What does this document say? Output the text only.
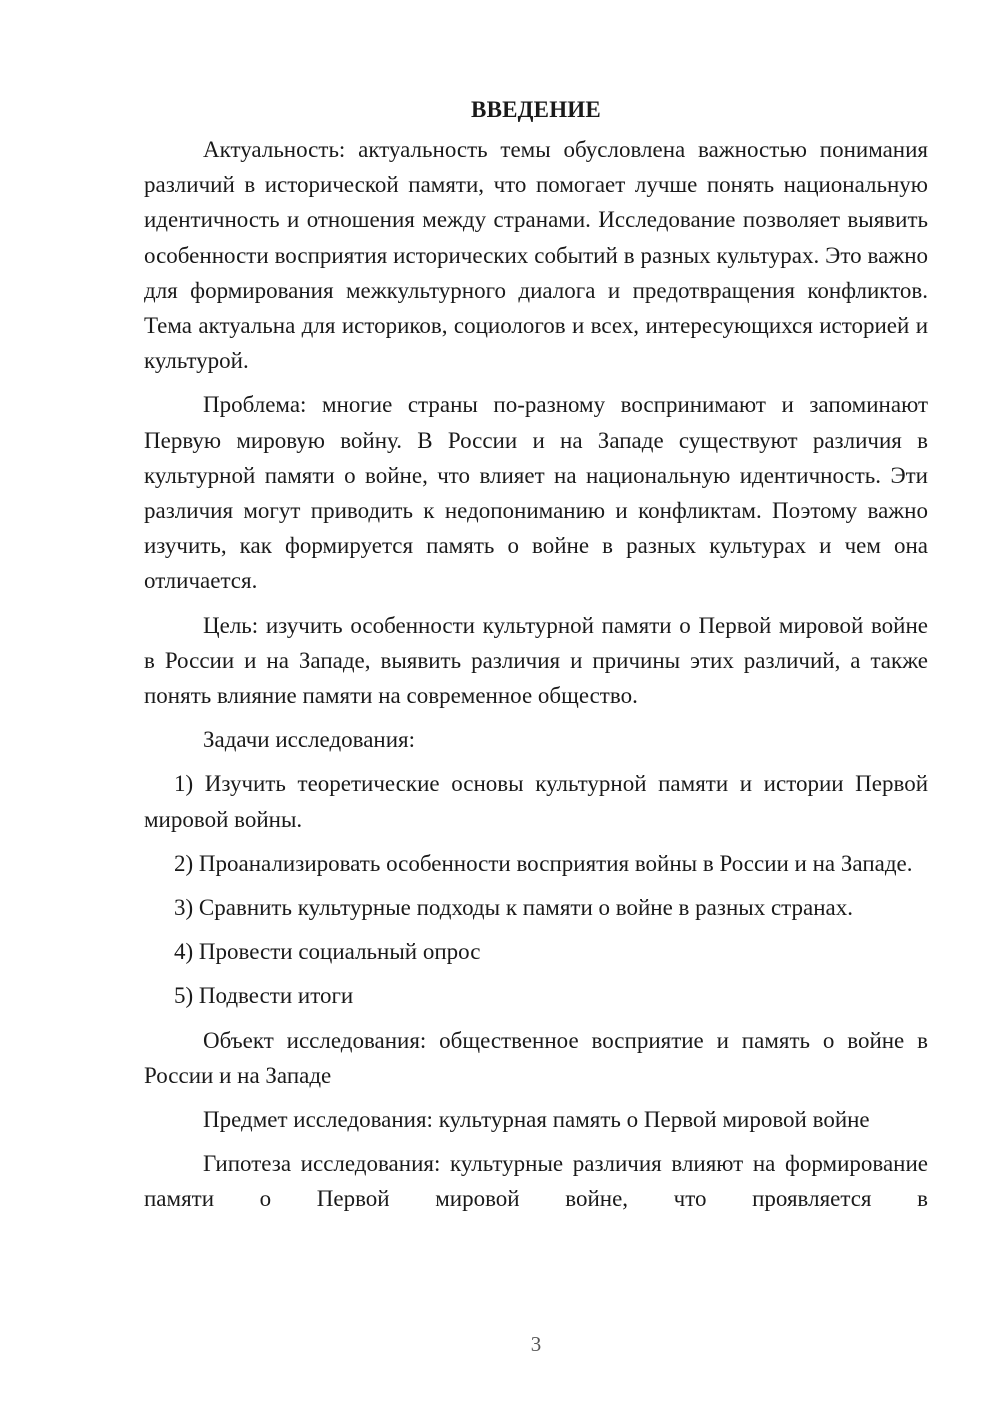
ВВЕДЕНИЕ

Актуальность: актуальность темы обусловлена важностью понимания различий в исторической памяти, что помогает лучше понять национальную идентичность и отношения между странами. Исследование позволяет выявить особенности восприятия исторических событий в разных культурах. Это важно для формирования межкультурного диалога и предотвращения конфликтов. Тема актуальна для историков, социологов и всех, интересующихся историей и культурой.

Проблема: многие страны по-разному воспринимают и запоминают Первую мировую войну. В России и на Западе существуют различия в культурной памяти о войне, что влияет на национальную идентичность. Эти различия могут приводить к недопониманию и конфликтам. Поэтому важно изучить, как формируется память о войне в разных культурах и чем она отличается.

Цель: изучить особенности культурной памяти о Первой мировой войне в России и на Западе, выявить различия и причины этих различий, а также понять влияние памяти на современное общество.

Задачи исследования:

1) Изучить теоретические основы культурной памяти и истории Первой мировой войны.

2) Проанализировать особенности восприятия войны в России и на Западе.

3) Сравнить культурные подходы к памяти о войне в разных странах.

4) Провести социальный опрос

5) Подвести итоги

Объект исследования: общественное восприятие и память о войне в России и на Западе

Предмет исследования: культурная память о Первой мировой войне

Гипотеза исследования: культурные различия влияют на формирование памяти о Первой мировой войне, что проявляется в

3
